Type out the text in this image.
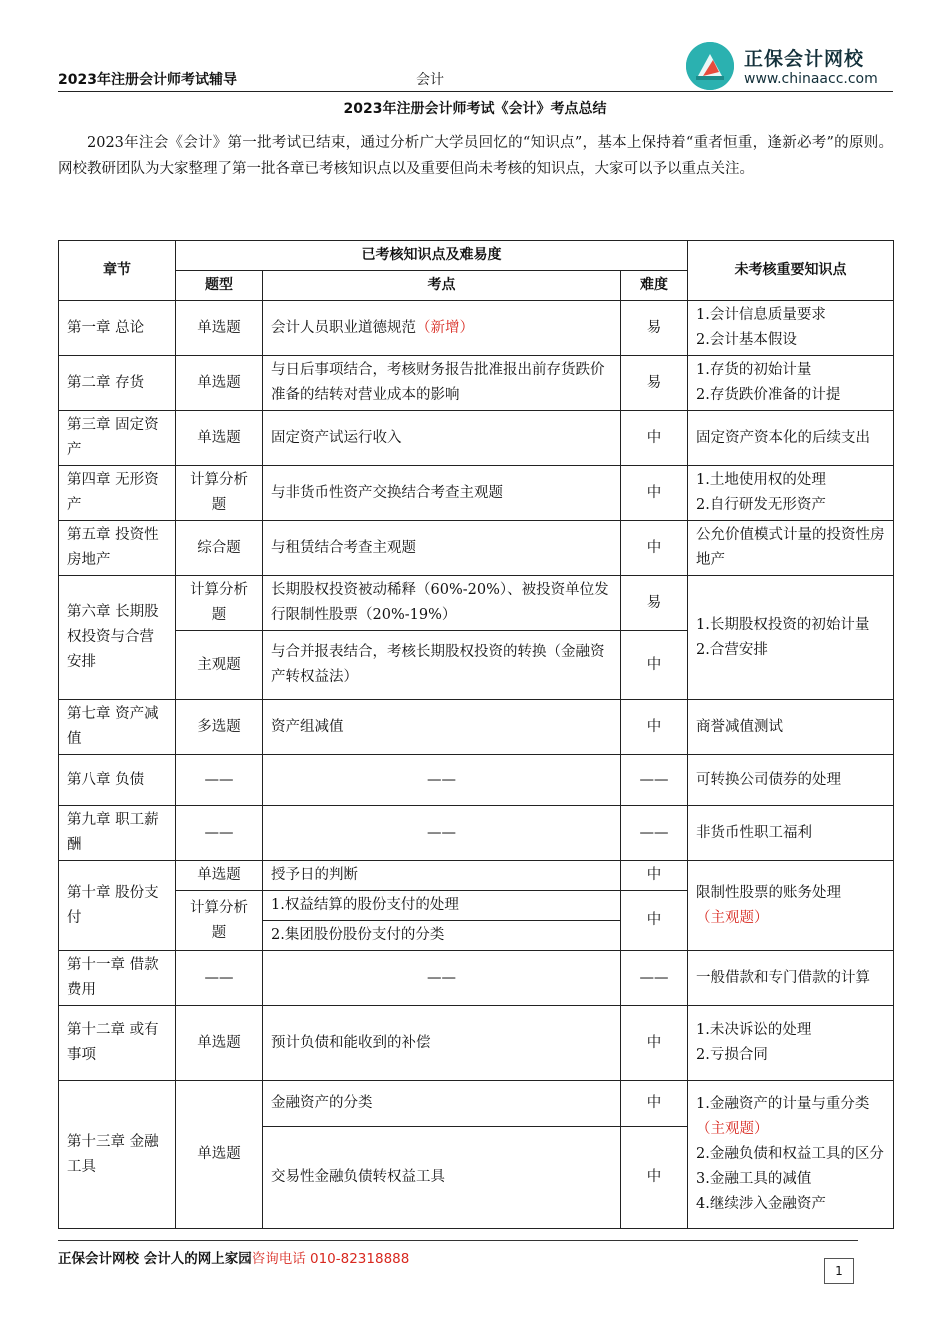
2023年注册会计师考试辅导	会计
正保会计网校
www.chinaacc.com
2023年注册会计师考试《会计》考点总结
2023年注会《会计》第一批考试已结束，通过分析广大学员回忆的“知识点”，基本上保持着“重者恒重，逢新必考”的原则。网校教研团队为大家整理了第一批各章已考核知识点以及重要但尚未考核的知识点，大家可以予以重点关注。
章节	已考核知识点及难易度			未考核重要知识点
	题型	考点	难度	
第一章 总论	单选题	会计人员职业道德规范（新增）	易	1.会计信息质量要求
2.会计基本假设

第二章 存货	单选题	与日后事项结合，考核财务报告批准报出前存货跌价准备的结转对营业成本的影响	易	1.存货的初始计量
2.存货跌价准备的计提

第三章 固定资产	单选题	固定资产试运行收入	中	固定资产资本化的后续支出
第四章 无形资产	计算分析题	与非货币性资产交换结合考查主观题	中	1.土地使用权的处理
2.自行研发无形资产

第五章 投资性房地产	综合题	与租赁结合考查主观题	中	公允价值模式计量的投资性房地产
第六章 长期股权投资与合营安排	计算分析题	长期股权投资被动稀释（60%-20%）、被投资单位发行限制性股票（20%-19%）	易	1.长期股权投资的初始计量
2.合营安排

	主观题	与合并报表结合，考核长期股权投资的转换（金融资产转权益法）	中	
第七章 资产减值	多选题	资产组减值	中	商誉减值测试
第八章 负债	——	——	——	可转换公司债券的处理
第九章 职工薪酬	——	——	——	非货币性职工福利
第十章 股份支付	单选题	授予日的判断	中	限制性股票的账务处理
（主观题）

	计算分析题	1.权益结算的股份支付的处理	中	
		2.集团股份股份支付的分类		
第十一章 借款费用	——	——	——	一般借款和专门借款的计算
第十二章 或有事项	单选题	预计负债和能收到的补偿	中	1.未决诉讼的处理
2.亏损合同

第十三章 金融工具	单选题	金融资产的分类	中	1.金融资产的计量与重分类（主观题）
2.金融负债和权益工具的区分
3.金融工具的减值
4.继续涉入金融资产

		交易性金融负债转权益工具	中	
正保会计网校 会计人的网上家园咨询电话 010-82318888
1
